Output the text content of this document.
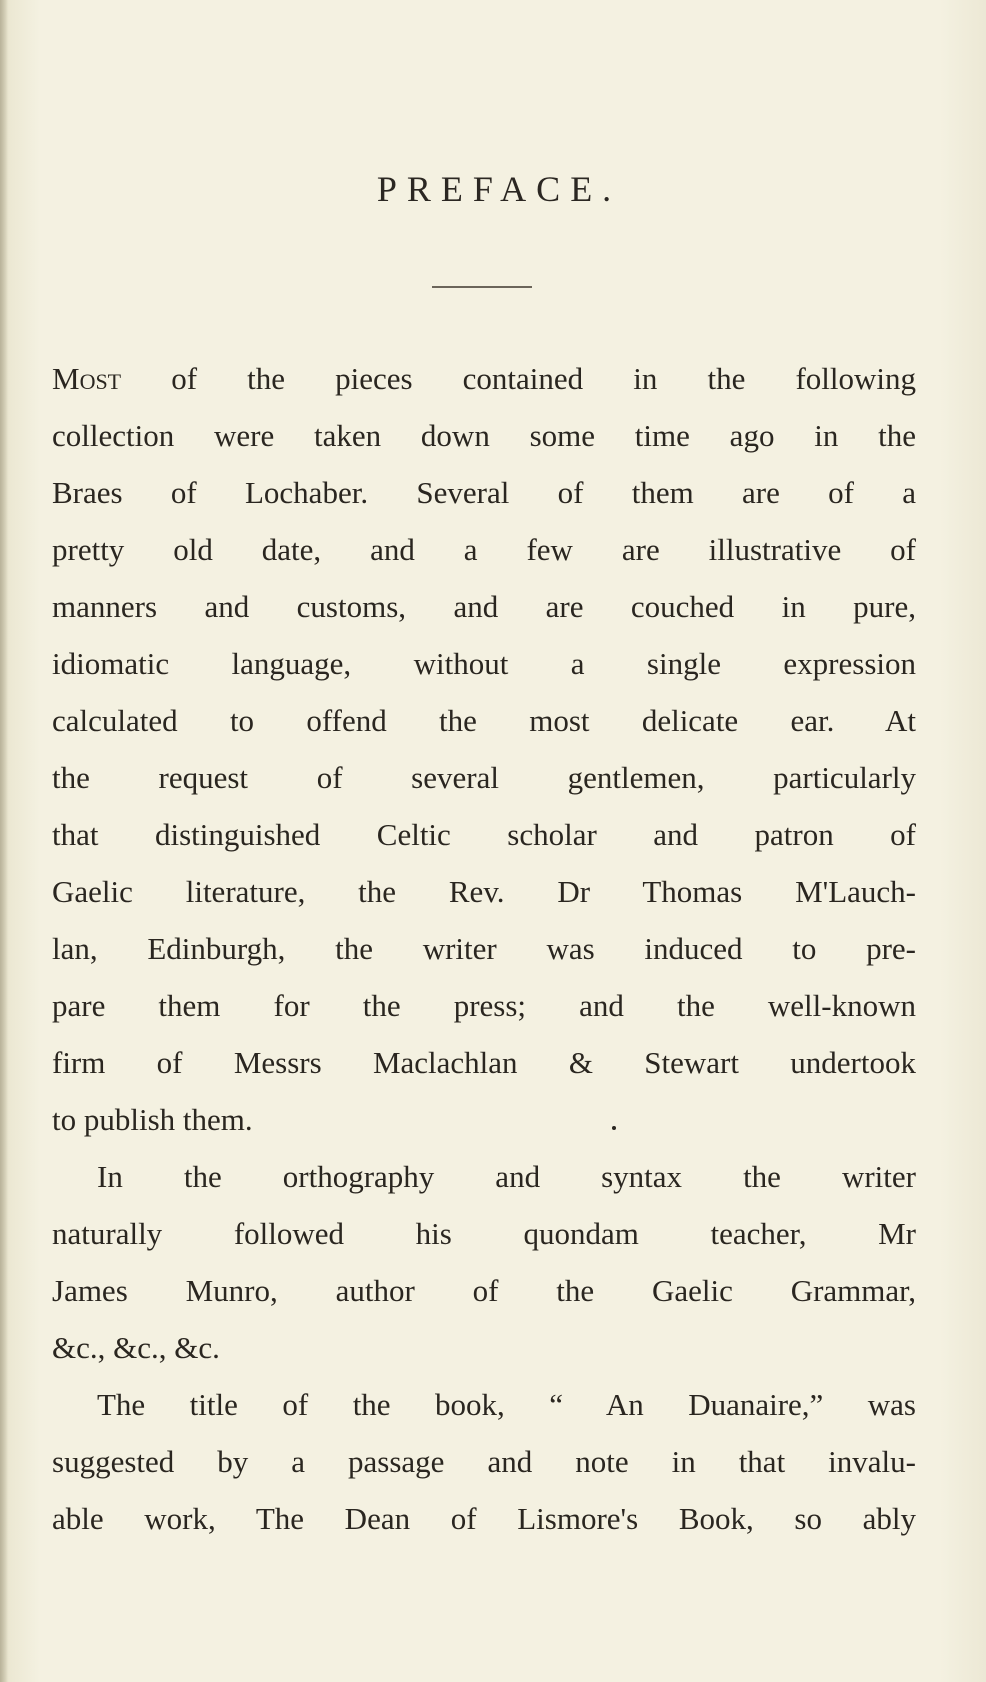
PREFACE.
Most of the pieces contained in the following
collection were taken down some time ago in the
Braes of Lochaber. Several of them are of a
pretty old date, and a few are illustrative of
manners and customs, and are couched in pure,
idiomatic language, without a single expression
calculated to offend the most delicate ear. At
the request of several gentlemen, particularly
that distinguished Celtic scholar and patron of
Gaelic literature, the Rev. Dr Thomas M'Lauch-
lan, Edinburgh, the writer was induced to pre-
pare them for the press; and the well-known
firm of Messrs Maclachlan & Stewart undertook
to publish them.
In the orthography and syntax the writer
naturally followed his quondam teacher, Mr
James Munro, author of the Gaelic Grammar,
&c., &c., &c.
The title of the book, “ An Duanaire,” was
suggested by a passage and note in that invalu-
able work, The Dean of Lismore's Book, so ably
